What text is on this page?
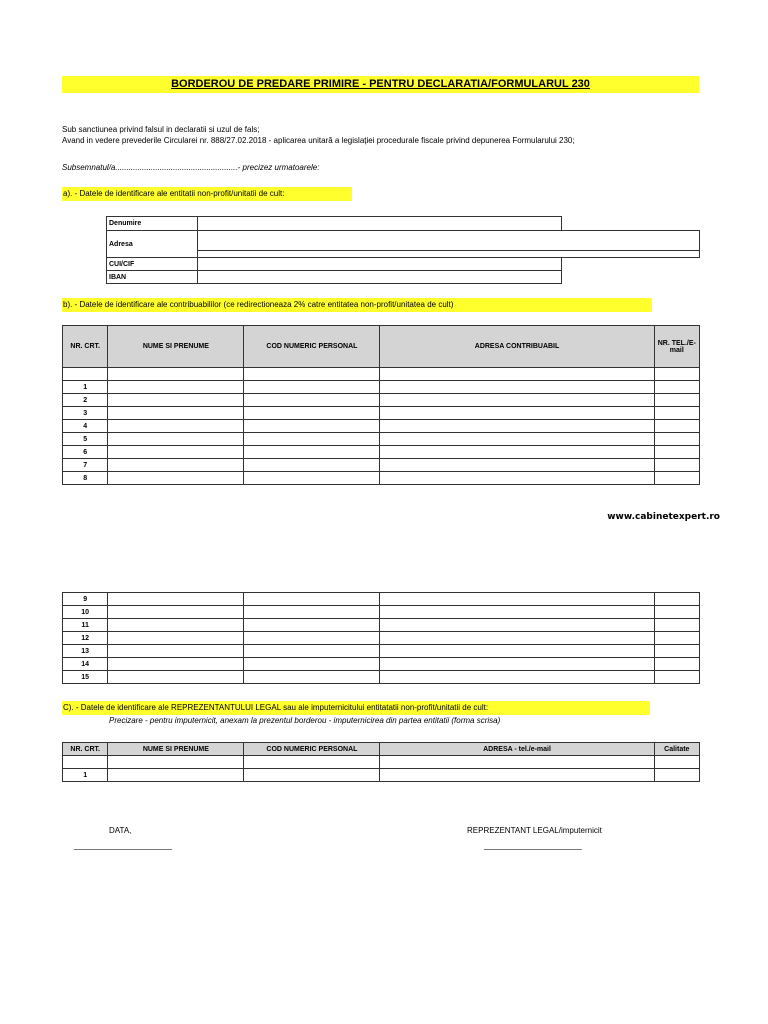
BORDEROU DE PREDARE PRIMIRE - PENTRU DECLARATIA/FORMULARUL 230
Sub sanctiunea privind falsul in declaratii si uzul de fals;
Avand in vedere prevederile Circularei nr. 888/27.02.2018 - aplicarea unitară a legislației procedurale fiscale privind depunerea Formularului 230;
Subsemnatul/a.......................................................- precizez urmatoarele:
a). - Datele de identificare ale entitatii non-profit/unitatii de cult:
Denumire		
Adresa		

CUI/CIF		
IBAN		
b). - Datele de identificare ale contribuabililor (ce redirectioneaza 2% catre entitatea non-profit/unitatea de cult)
NR. CRT.	NUME SI PRENUME	COD NUMERIC PERSONAL	ADRESA CONTRIBUABIL	NR. TEL./E-mail

1				
2				
3				
4				
5				
6				
7				
8				
www.cabinetexpert.ro
9				
10				
11				
12				
13				
14				
15				
C). - Datele de identificare ale REPREZENTANTULUI LEGAL sau ale imputernicitului entitatatii non-profit/unitatii de cult:
Precizare - pentru imputernicit, anexam la prezentul borderou - imputernicirea din partea entitatii (forma scrisa)
NR. CRT.	NUME SI PRENUME	COD NUMERIC PERSONAL	ADRESA - tel./e-mail	Calitate

1				
DATA,
______________________
REPREZENTANT LEGAL/imputernicit
______________________
